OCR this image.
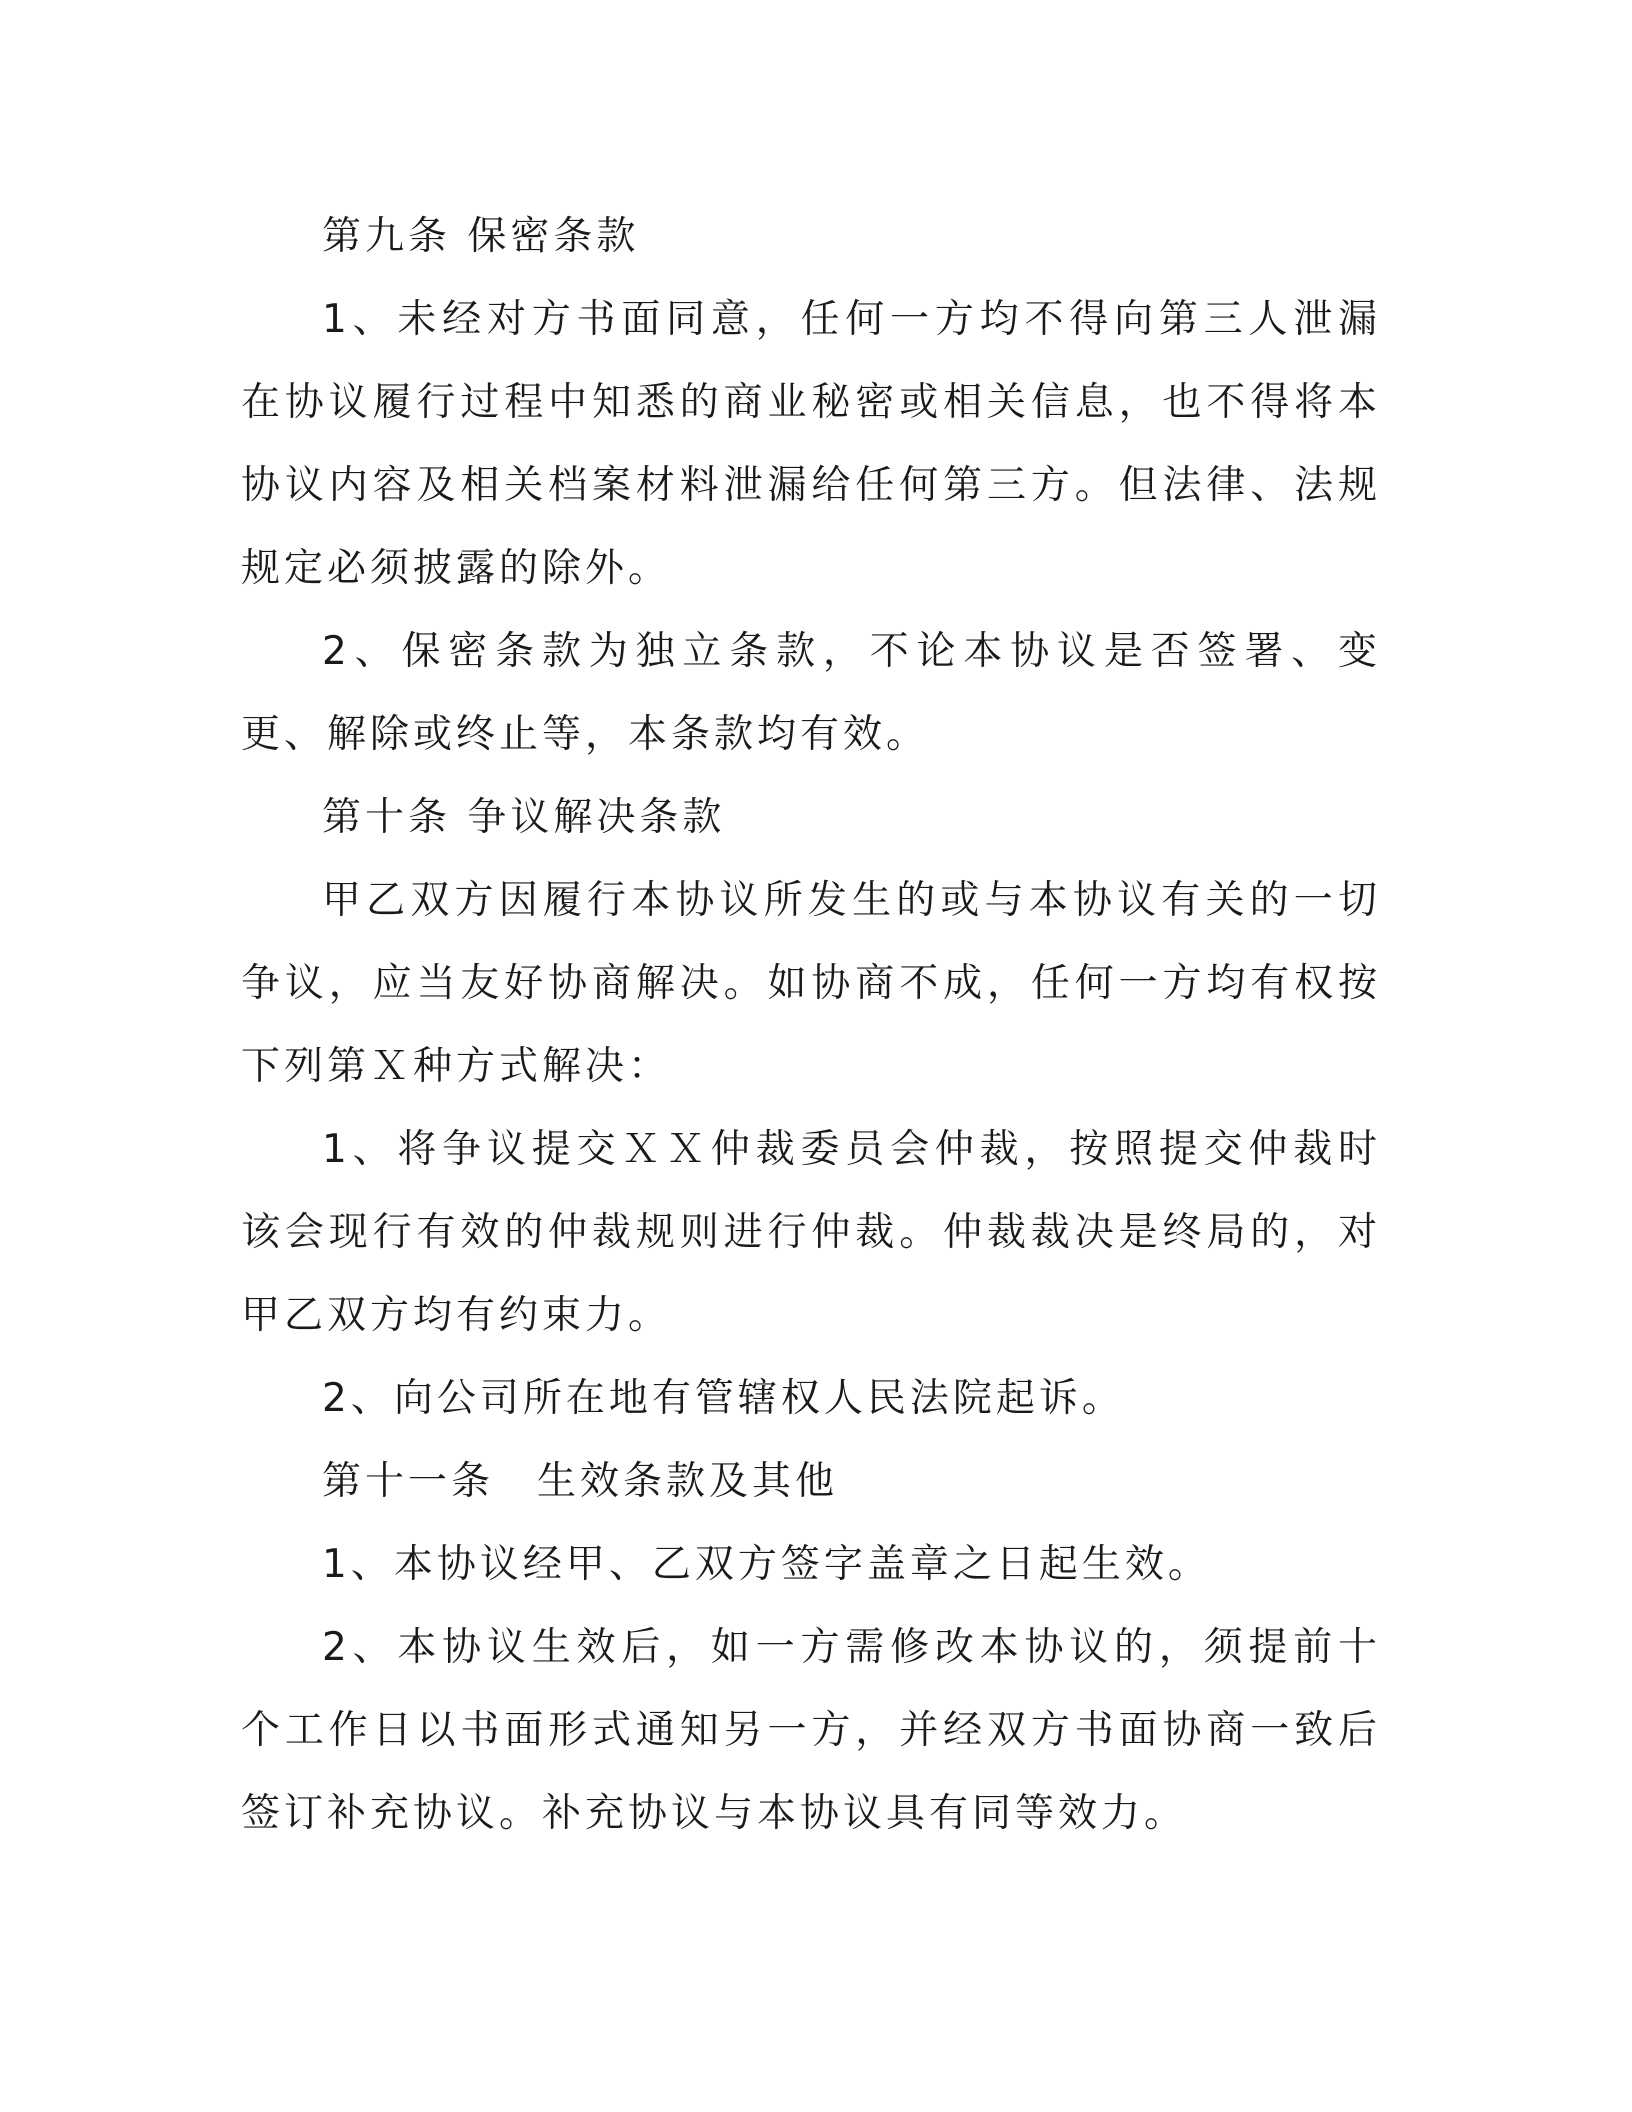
第九条 保密条款

1、未经对方书面同意，任何一方均不得向第三人泄漏在协议履行过程中知悉的商业秘密或相关信息，也不得将本协议内容及相关档案材料泄漏给任何第三方。但法律、法规规定必须披露的除外。

2、保密条款为独立条款，不论本协议是否签署、变更、解除或终止等，本条款均有效。

第十条 争议解决条款

甲乙双方因履行本协议所发生的或与本协议有关的一切争议，应当友好协商解决。如协商不成，任何一方均有权按下列第Ｘ种方式解决：

1、将争议提交ＸＸ仲裁委员会仲裁，按照提交仲裁时该会现行有效的仲裁规则进行仲裁。仲裁裁决是终局的，对甲乙双方均有约束力。

2、向公司所在地有管辖权人民法院起诉。

第十一条　生效条款及其他

1、本协议经甲、乙双方签字盖章之日起生效。

2、本协议生效后，如一方需修改本协议的，须提前十个工作日以书面形式通知另一方，并经双方书面协商一致后签订补充协议。补充协议与本协议具有同等效力。
